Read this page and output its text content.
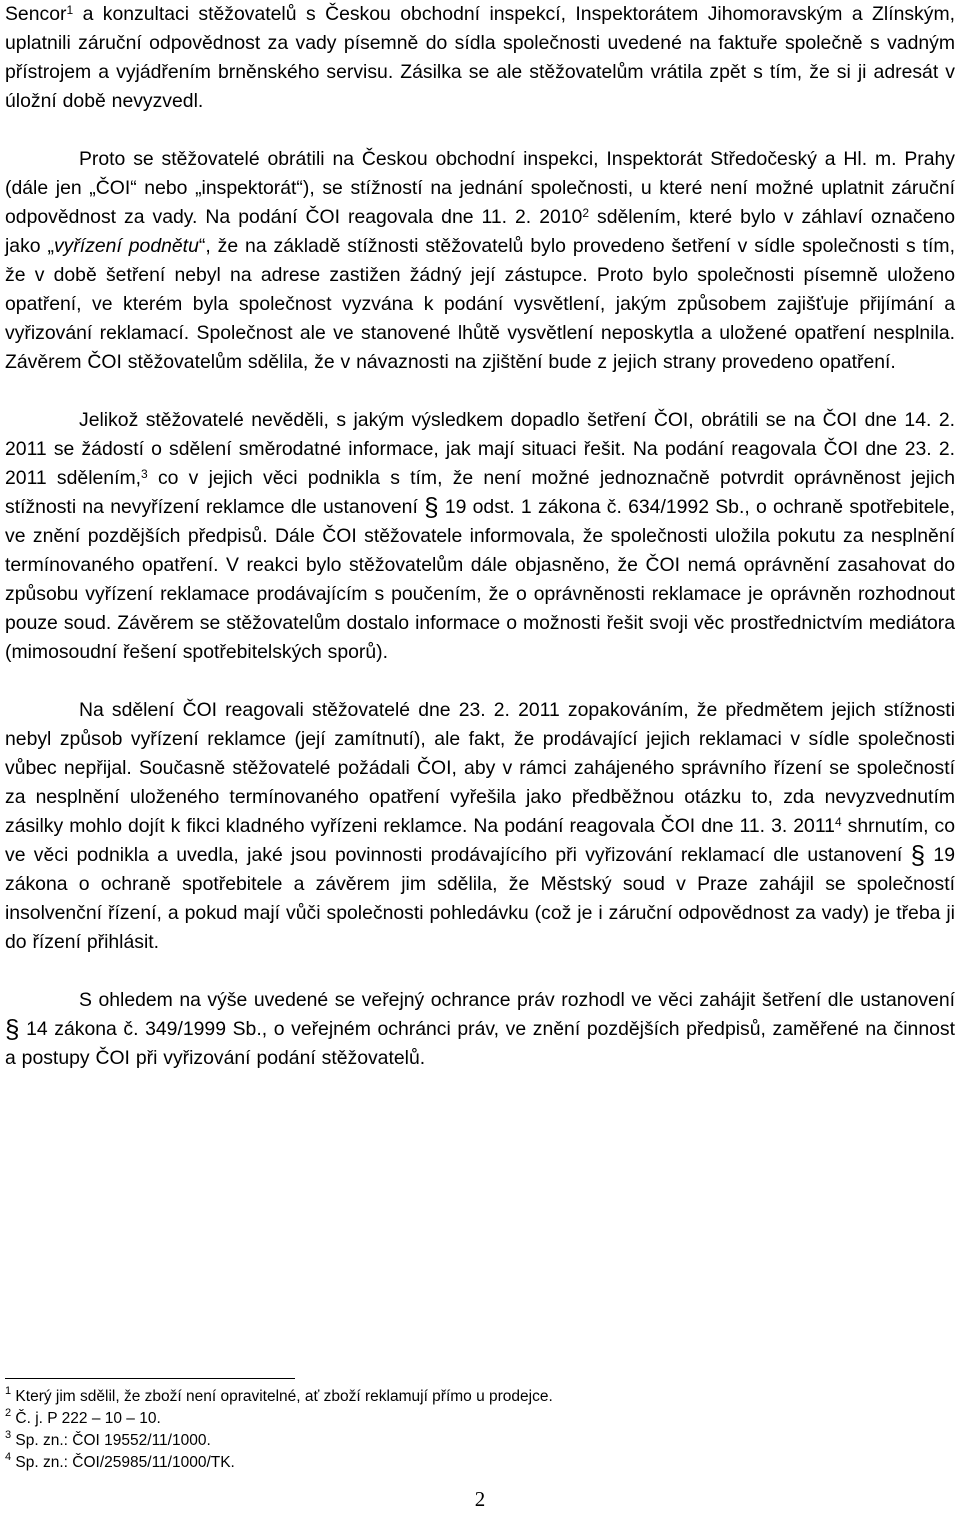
Sencor$^1$ a konzultaci stěžovatelů s Českou obchodní inspekcí, Inspektorátem Jihomoravským a Zlínským, uplatnili záruční odpovědnost za vady písemně do sídla společnosti uvedené na faktuře společně s vadným přístrojem a vyjádřením brněnského servisu. Zásilka se ale stěžovatelům vrátila zpět s tím, že si ji adresát v úložní době nevyzvedl.

Proto se stěžovatelé obrátili na Českou obchodní inspekci, Inspektorát Středočeský a Hl. m. Prahy (dále jen „ČOI“ nebo „inspektorát“), se stížností na jednání společnosti, u které není možné uplatnit záruční odpovědnost za vady. Na podání ČOI reagovala dne 11. 2. 2010$^2$ sdělením, které bylo v záhlaví označeno jako „vyřízení podnětu“, že na základě stížnosti stěžovatelů bylo provedeno šetření v sídle společnosti s tím, že v době šetření nebyl na adrese zastižen žádný její zástupce. Proto bylo společnosti písemně uloženo opatření, ve kterém byla společnost vyzvána k podání vysvětlení, jakým způsobem zajišťuje přijímání a vyřizování reklamací. Společnost ale ve stanovené lhůtě vysvětlení neposkytla a uložené opatření nesplnila. Závěrem ČOI stěžovatelům sdělila, že v návaznosti na zjištění bude z jejich strany provedeno opatření.

Jelikož stěžovatelé nevěděli, s jakým výsledkem dopadlo šetření ČOI, obrátili se na ČOI dne 14. 2. 2011 se žádostí o sdělení směrodatné informace, jak mají situaci řešit. Na podání reagovala ČOI dne 23. 2. 2011 sdělením,$^3$ co v jejich věci podnikla s tím, že není možné jednoznačně potvrdit oprávněnost jejich stížnosti na nevyřízení reklamce dle ustanovení § 19 odst. 1 zákona č. 634/1992 Sb., o ochraně spotřebitele, ve znění pozdějších předpisů. Dále ČOI stěžovatele informovala, že společnosti uložila pokutu za nesplnění termínovaného opatření. V reakci bylo stěžovatelům dále objasněno, že ČOI nemá oprávnění zasahovat do způsobu vyřízení reklamace prodávajícím s poučením, že o oprávněnosti reklamace je oprávněn rozhodnout pouze soud. Závěrem se stěžovatelům dostalo informace o možnosti řešit svoji věc prostřednictvím mediátora (mimosoudní řešení spotřebitelských sporů).

Na sdělení ČOI reagovali stěžovatelé dne 23. 2. 2011 zopakováním, že předmětem jejich stížnosti nebyl způsob vyřízení reklamce (její zamítnutí), ale fakt, že prodávající jejich reklamaci v sídle společnosti vůbec nepřijal. Současně stěžovatelé požádali ČOI, aby v rámci zahájeného správního řízení se společností za nesplnění uloženého termínovaného opatření vyřešila jako předběžnou otázku to, zda nevyzvednutím zásilky mohlo dojít k fikci kladného vyřízeni reklamce. Na podání reagovala ČOI dne 11. 3. 2011$^4$ shrnutím, co ve věci podnikla a uvedla, jaké jsou povinnosti prodávajícího při vyřizování reklamací dle ustanovení § 19 zákona o ochraně spotřebitele a závěrem jim sdělila, že Městský soud v Praze zahájil se společností insolvenční řízení, a pokud mají vůči společnosti pohledávku (což je i záruční odpovědnost za vady) je třeba ji do řízení přihlásit.

S ohledem na výše uvedené se veřejný ochrance práv rozhodl ve věci zahájit šetření dle ustanovení § 14 zákona č. 349/1999 Sb., o veřejném ochránci práv, ve znění pozdějších předpisů, zaměřené na činnost a postupy ČOI při vyřizování podání stěžovatelů.

$^1$ Který jim sdělil, že zboží není opravitelné, ať zboží reklamují přímo u prodejce.

$^2$ Č. j. P 222 – 10 – 10.

$^3$ Sp. zn.: ČOI 19552/11/1000.

$^4$ Sp. zn.: ČOI/25985/11/1000/TK.

2
